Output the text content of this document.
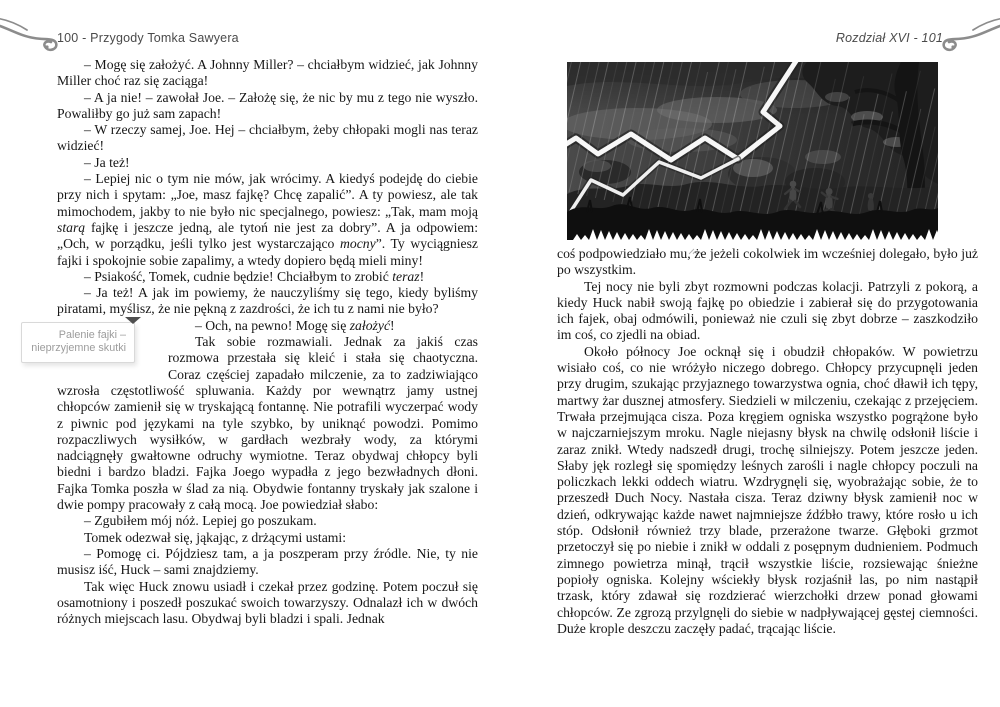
100 - Przygody Tomka Sawyera	Rozdział XVI - 101

– Mogę się założyć. A Johnny Miller? – chciałbym widzieć, jak Johnny Miller choć raz się zaciąga!

– A ja nie! – zawołał Joe. – Założę się, że nic by mu z tego nie wyszło. Powaliłby go już sam zapach!

– W rzeczy samej, Joe. Hej – chciałbym, żeby chłopaki mogli nas teraz widzieć!

– Ja też!

– Lepiej nic o tym nie mów, jak wrócimy. A kiedyś podejdę do ciebie przy nich i spytam: „Joe, masz fajkę? Chcę zapalić”. A ty powiesz, ale tak mimochodem, jakby to nie było nic specjalnego, powiesz: „Tak, mam moją starą fajkę i jeszcze jedną, ale tytoń nie jest za dobry”. A ja odpowiem: „Och, w porządku, jeśli tylko jest wystarczająco mocny”. Ty wyciągniesz fajki i spokojnie sobie zapalimy, a wtedy dopiero będą mieli miny!

– Psiakość, Tomek, cudnie będzie! Chciałbym to zrobić teraz!

– Ja też! A jak im powiemy, że nauczyliśmy się tego, kiedy byliśmy piratami, myślisz, że nie pękną z zazdrości, że ich tu z nami nie było?

Palenie fajki –
nieprzyjemne skutki
– Och, na pewno! Mogę się założyć!

Tak sobie rozmawiali. Jednak za jakiś czas rozmowa przestała się kleić i stała się chaotyczna. Coraz częściej zapadało milczenie, za to zadziwiająco wzrosła częstotliwość spluwania. Każdy por wewnątrz jamy ustnej chłopców zamienił się w tryskającą fontannę. Nie potrafili wyczerpać wody z piwnic pod językami na tyle szybko, by uniknąć powodzi. Pomimo rozpaczliwych wysiłków, w gardłach wezbrały wody, za którymi nadciągnęły gwałtowne odruchy wymiotne. Teraz obydwaj chłopcy byli biedni i bardzo bladzi. Fajka Joego wypadła z jego bezwładnych dłoni. Fajka Tomka poszła w ślad za nią. Obydwie fontanny tryskały jak szalone i dwie pompy pracowały z całą mocą. Joe powiedział słabo:

– Zgubiłem mój nóż. Lepiej go poszukam.

Tomek odezwał się, jąkając, z drżącymi ustami:

– Pomogę ci. Pójdziesz tam, a ja poszperam przy źródle. Nie, ty nie musisz iść, Huck – sami znajdziemy.

Tak więc Huck znowu usiadł i czekał przez godzinę. Potem poczuł się osamotniony i poszedł poszukać swoich towarzyszy. Odnalazł ich w dwóch różnych miejscach lasu. Obydwaj byli bladzi i spali. Jednak

coś podpowiedziało mu, że jeżeli cokolwiek im wcześniej dolegało, było już po wszystkim.

Tej nocy nie byli zbyt rozmowni podczas kolacji. Patrzyli z pokorą, a kiedy Huck nabił swoją fajkę po obiedzie i zabierał się do przygotowania ich fajek, obaj odmówili, ponieważ nie czuli się zbyt dobrze – zaszkodziło im coś, co zjedli na obiad.

Około północy Joe ocknął się i obudził chłopaków. W powietrzu wisiało coś, co nie wróżyło niczego dobrego. Chłopcy przycupnęli jeden przy drugim, szukając przyjaznego towarzystwa ognia, choć dławił ich tępy, martwy żar dusznej atmosfery. Siedzieli w milczeniu, czekając z przejęciem. Trwała przejmująca cisza. Poza kręgiem ogniska wszystko pogrążone było w najczarniejszym mroku. Nagle niejasny błysk na chwilę odsłonił liście i zaraz znikł. Wtedy nadszedł drugi, trochę silniejszy. Potem jeszcze jeden. Słaby jęk rozległ się spomiędzy leśnych zarośli i nagle chłopcy poczuli na policzkach lekki oddech wiatru. Wzdrygnęli się, wyobrażając sobie, że to przeszedł Duch Nocy. Nastała cisza. Teraz dziwny błysk zamienił noc w dzień, odkrywając każde nawet najmniejsze źdźbło trawy, które rosło u ich stóp. Odsłonił również trzy blade, przerażone twarze. Głęboki grzmot przetoczył się po niebie i znikł w oddali z posępnym dudnieniem. Podmuch zimnego powietrza minął, trącił wszystkie liście, rozsiewając śnieżne popioły ogniska. Kolejny wściekły błysk rozjaśnił las, po nim nastąpił trzask, który zdawał się rozdzierać wierzchołki drzew ponad głowami chłopców. Ze zgrozą przylgnęli do siebie w nadpływającej gęstej ciemności. Duże krople deszczu zaczęły padać, trącając liście.
